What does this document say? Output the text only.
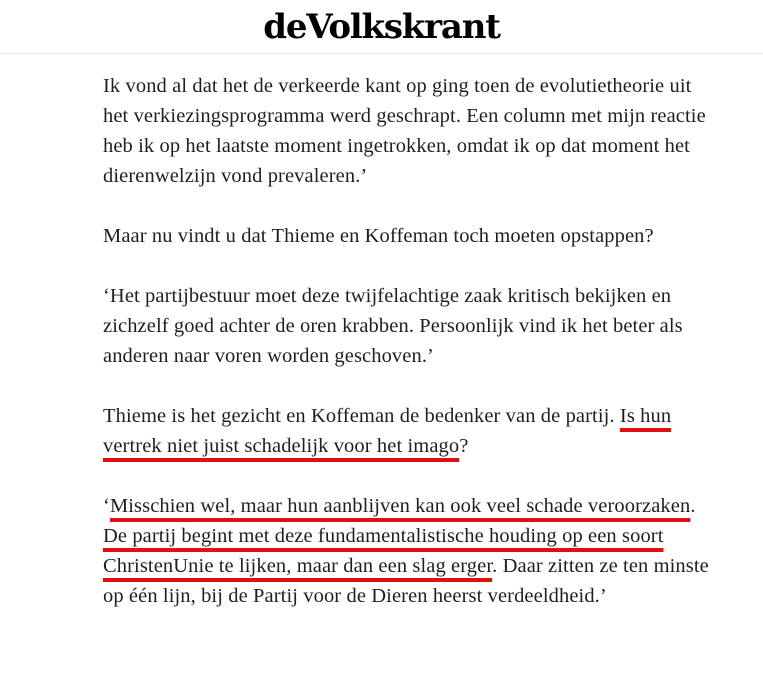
deVolkskrant

Ik vond al dat het de verkeerde kant op ging toen de evolutietheorie uit het verkiezingsprogramma werd geschrapt. Een column met mijn reactie heb ik op het laatste moment ingetrokken, omdat ik op dat moment het dierenwelzijn vond prevaleren.’

Maar nu vindt u dat Thieme en Koffeman toch moeten opstappen?

‘Het partijbestuur moet deze twijfelachtige zaak kritisch bekijken en zichzelf goed achter de oren krabben. Persoonlijk vind ik het beter als anderen naar voren worden geschoven.’

Thieme is het gezicht en Koffeman de bedenker van de partij. Is hun vertrek niet juist schadelijk voor het imago?

‘Misschien wel, maar hun aanblijven kan ook veel schade veroorzaken. De partij begint met deze fundamentalistische houding op een soort ChristenUnie te lijken, maar dan een slag erger. Daar zitten ze ten minste op één lijn, bij de Partij voor de Dieren heerst verdeeldheid.’
